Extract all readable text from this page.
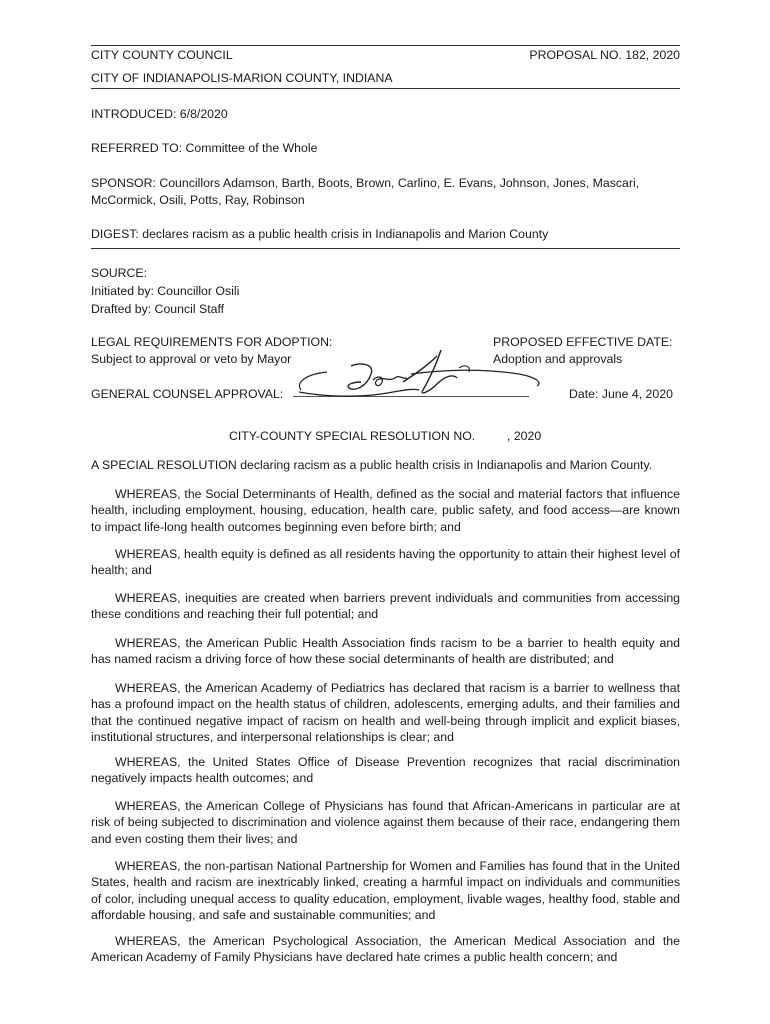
CITY COUNTY COUNCIL	PROPOSAL NO. 182, 2020
CITY OF INDIANAPOLIS-MARION COUNTY, INDIANA
INTRODUCED: 6/8/2020
REFERRED TO: Committee of the Whole
SPONSOR: Councillors Adamson, Barth, Boots, Brown, Carlino, E. Evans, Johnson, Jones, Mascari, McCormick, Osili, Potts, Ray, Robinson
DIGEST: declares racism as a public health crisis in Indianapolis and Marion County
SOURCE:
Initiated by: Councillor Osili
Drafted by: Council Staff
LEGAL REQUIREMENTS FOR ADOPTION:
Subject to approval or veto by Mayor
PROPOSED EFFECTIVE DATE:
Adoption and approvals
GENERAL COUNSEL APPROVAL:	Date: June 4, 2020
CITY-COUNTY SPECIAL RESOLUTION NO.	, 2020
A SPECIAL RESOLUTION declaring racism as a public health crisis in Indianapolis and Marion County.
WHEREAS, the Social Determinants of Health, defined as the social and material factors that influence health, including employment, housing, education, health care, public safety, and food access—are known to impact life-long health outcomes beginning even before birth; and
WHEREAS, health equity is defined as all residents having the opportunity to attain their highest level of health; and
WHEREAS, inequities are created when barriers prevent individuals and communities from accessing these conditions and reaching their full potential; and
WHEREAS, the American Public Health Association finds racism to be a barrier to health equity and has named racism a driving force of how these social determinants of health are distributed; and
WHEREAS, the American Academy of Pediatrics has declared that racism is a barrier to wellness that has a profound impact on the health status of children, adolescents, emerging adults, and their families and that the continued negative impact of racism on health and well-being through implicit and explicit biases, institutional structures, and interpersonal relationships is clear; and
WHEREAS, the United States Office of Disease Prevention recognizes that racial discrimination negatively impacts health outcomes; and
WHEREAS, the American College of Physicians has found that African-Americans in particular are at risk of being subjected to discrimination and violence against them because of their race, endangering them and even costing them their lives; and
WHEREAS, the non-partisan National Partnership for Women and Families has found that in the United States, health and racism are inextricably linked, creating a harmful impact on individuals and communities of color, including unequal access to quality education, employment, livable wages, healthy food, stable and affordable housing, and safe and sustainable communities; and
WHEREAS, the American Psychological Association, the American Medical Association and the American Academy of Family Physicians have declared hate crimes a public health concern; and
